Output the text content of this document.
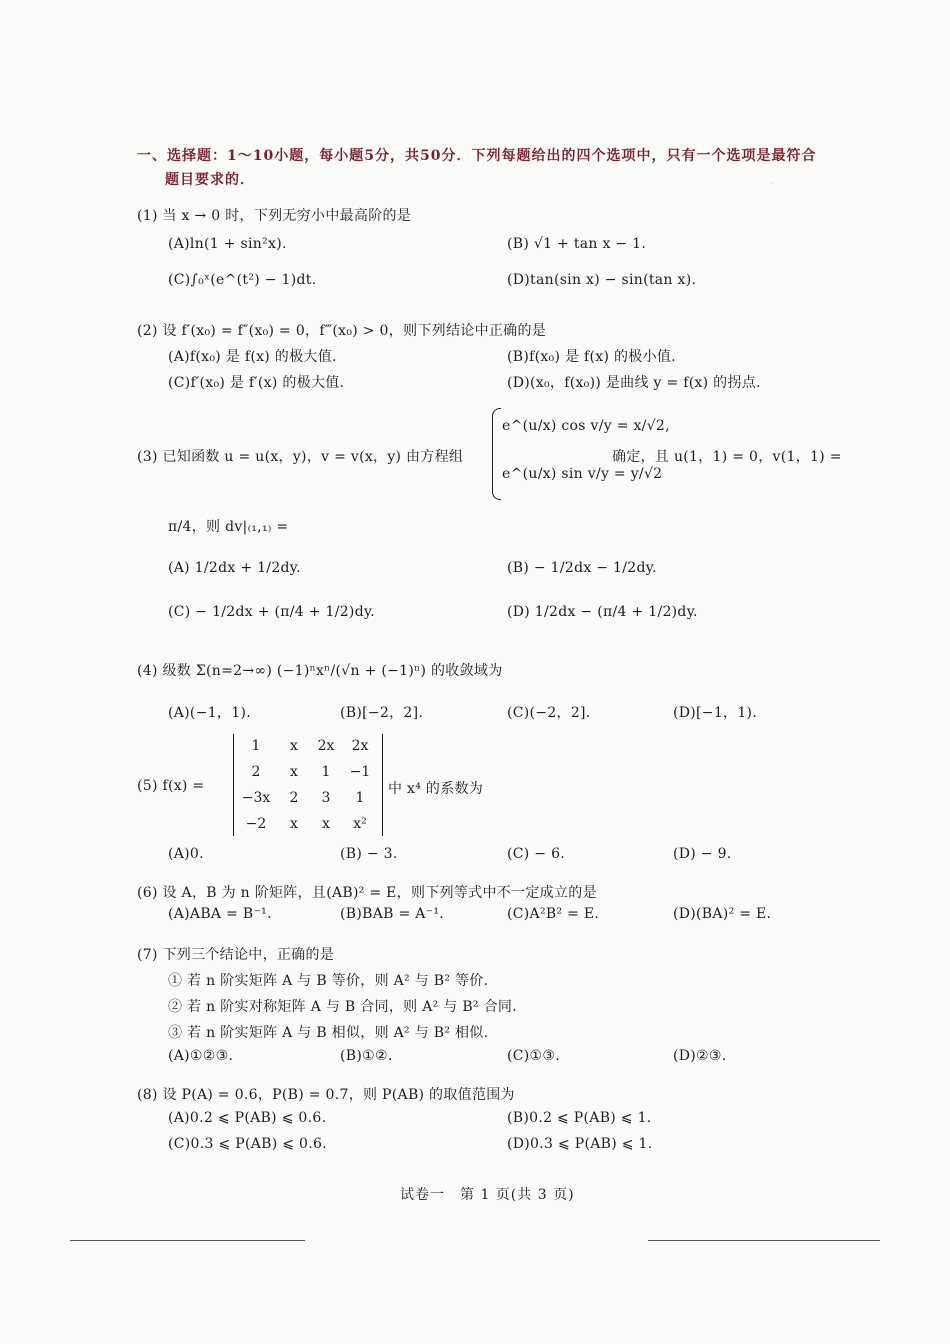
·
一、选择题：1～10小题，每小题5分，共50分．下列每题给出的四个选项中，只有一个选项是最符合
题目要求的．
(1) 当 x → 0 时，下列无穷小中最高阶的是
(A)ln(1 + sin²x).	(B) √1 + tan x − 1.
(C)∫₀ˣ(e^(t²) − 1)dt.	(D)tan(sin x) − sin(tan x).
(2) 设 f′(x₀) = f″(x₀) = 0，f‴(x₀) > 0，则下列结论中正确的是
(A)f(x₀) 是 f(x) 的极大值.	(B)f(x₀) 是 f(x) 的极小值.
(C)f′(x₀) 是 f′(x) 的极大值.	(D)(x₀，f(x₀)) 是曲线 y = f(x) 的拐点.
(3) 已知函数 u = u(x，y)，v = v(x，y) 由方程组
e^(u/x) cos v/y = x/√2,
e^(u/x) sin v/y = y/√2
确定，且 u(1，1) = 0，v(1，1) =
π/4，则 dv|₍₁,₁₎ =
(A) 1/2dx + 1/2dy.	(B) − 1/2dx − 1/2dy.
(C) − 1/2dx + (π/4 + 1/2)dy.	(D) 1/2dx − (π/4 + 1/2)dy.
(4) 级数 Σ(n=2→∞) (−1)ⁿxⁿ/(√n + (−1)ⁿ) 的收敛域为
(A)(−1，1).	(B)[−2，2].	(C)(−2，2].	(D)[−1，1).
(5) f(x) =
1	x	2x	2x
2	x	1	−1
−3x	2	3	1
−2	x	x	x²
中 x⁴ 的系数为
(A)0.	(B) − 3.	(C) − 6.	(D) − 9.
(6) 设 A，B 为 n 阶矩阵，且(AB)² = E，则下列等式中不一定成立的是
(A)ABA = B⁻¹.	(B)BAB = A⁻¹.	(C)A²B² = E.	(D)(BA)² = E.
(7) 下列三个结论中，正确的是
① 若 n 阶实矩阵 A 与 B 等价，则 A² 与 B² 等价.
② 若 n 阶实对称矩阵 A 与 B 合同，则 A² 与 B² 合同.
③ 若 n 阶实矩阵 A 与 B 相似，则 A² 与 B² 相似.
(A)①②③.	(B)①②.	(C)①③.	(D)②③.
(8) 设 P(A) = 0.6，P(B) = 0.7，则 P(AB) 的取值范围为
(A)0.2 ⩽ P(AB) ⩽ 0.6.	(B)0.2 ⩽ P(AB) ⩽ 1.
(C)0.3 ⩽ P(AB) ⩽ 0.6.	(D)0.3 ⩽ P(AB) ⩽ 1.
试卷一　第 1 页(共 3 页)
